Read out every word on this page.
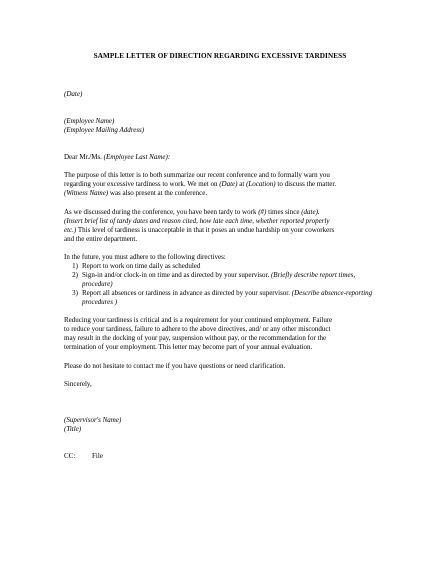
SAMPLE LETTER OF DIRECTION REGARDING EXCESSIVE TARDINESS
(Date)
(Employee Name)
(Employee Mailing Address)
Dear Mr./Ms. (Employee Last Name):
The purpose of this letter is to both summarize our recent conference and to formally warn you
regarding your excessive tardiness to work. We met on (Date) at (Location) to discuss the matter.
(Witness Name) was also present at the conference.
As we discussed during the conference, you have been tardy to work (#) times since (date).
(Insert brief list of tardy dates and reason cited, how late each time, whether reported properly
etc.) This level of tardiness is unacceptable in that it poses an undue hardship on your coworkers
and the entire department.
In the future, you must adhere to the following directives:
1) Report to work on time daily as scheduled
2) Sign-in and/or clock-in on time and as directed by your supervisor. (Briefly describe report times, procedure)
3) Report all absences or tardiness in advance as directed by your supervisor. (Describe absence-reporting procedures )
Reducing your tardiness is critical and is a requirement for your continued employment. Failure
to reduce your tardiness, failure to adhere to the above directives, and/ or any other misconduct
may result in the docking of your pay, suspension without pay, or the recommendation for the
termination of your employment. This letter may become part of your annual evaluation.
Please do not hesitate to contact me if you have questions or need clarification.
Sincerely,
(Supervisor's Name)
(Title)
CC: File
